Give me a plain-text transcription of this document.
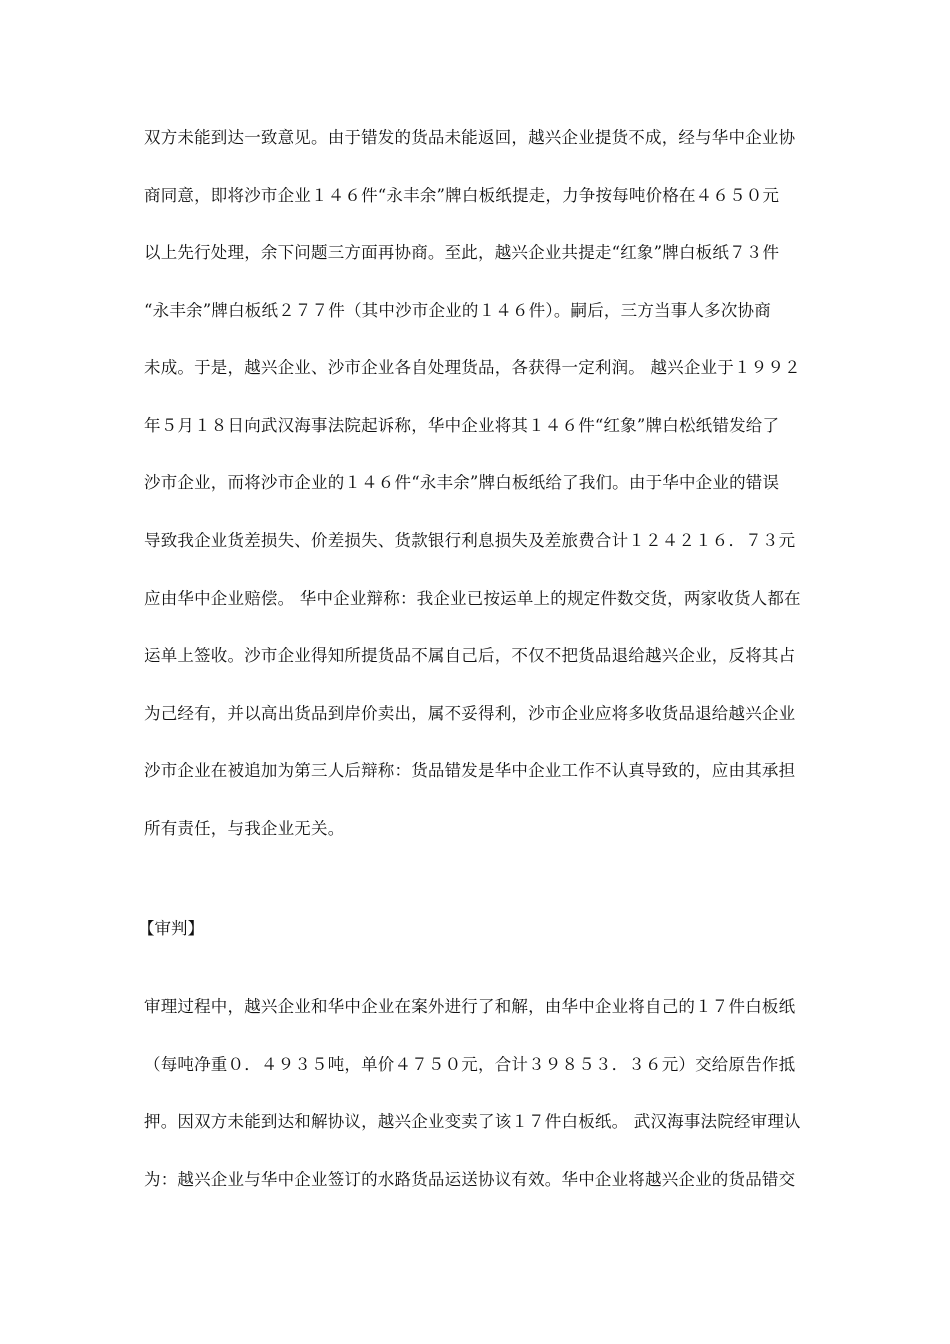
双方未能到达一致意见。由于错发的货品未能返回，越兴企业提货不成，经与华中企业协
商同意，即将沙市企业１４６件“永丰余”牌白板纸提走，力争按每吨价格在４６５０元
以上先行处理，余下问题三方面再协商。至此，越兴企业共提走“红象”牌白板纸７３件
“永丰余”牌白板纸２７７件（其中沙市企业的１４６件）。嗣后，三方当事人多次协商
未成。于是，越兴企业、沙市企业各自处理货品，各获得一定利润。 越兴企业于１９９２
年５月１８日向武汉海事法院起诉称，华中企业将其１４６件“红象”牌白松纸错发给了
沙市企业，而将沙市企业的１４６件“永丰余”牌白板纸给了我们。由于华中企业的错误
导致我企业货差损失、价差损失、货款银行利息损失及差旅费合计１２４２１６．７３元
应由华中企业赔偿。 华中企业辩称：我企业已按运单上的规定件数交货，两家收货人都在
运单上签收。沙市企业得知所提货品不属自己后，不仅不把货品退给越兴企业，反将其占
为己经有，并以高出货品到岸价卖出，属不妥得利，沙市企业应将多收货品退给越兴企业
沙市企业在被追加为第三人后辩称：货品错发是华中企业工作不认真导致的，应由其承担
所有责任，与我企业无关。
【审判】
审理过程中，越兴企业和华中企业在案外进行了和解，由华中企业将自己的１７件白板纸
（每吨净重０．４９３５吨，单价４７５０元，合计３９８５３．３６元）交给原告作抵
押。因双方未能到达和解协议，越兴企业变卖了该１７件白板纸。 武汉海事法院经审理认
为：越兴企业与华中企业签订的水路货品运送协议有效。华中企业将越兴企业的货品错交
